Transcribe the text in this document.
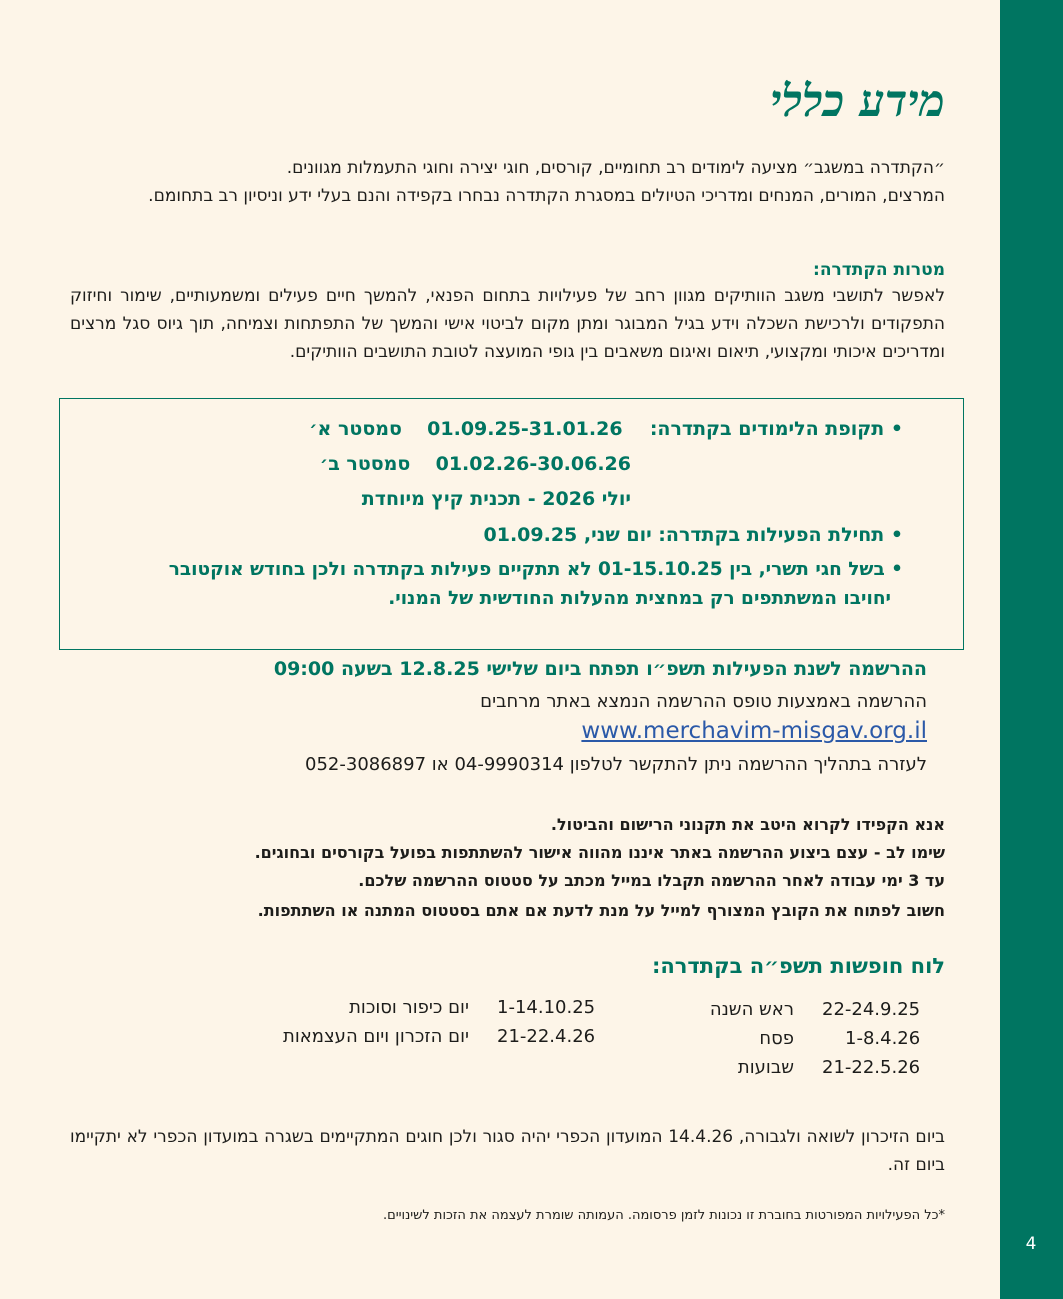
4
מידע כללי
״הקתדרה במשגב״ מציעה לימודים רב תחומיים, קורסים, חוגי יצירה וחוגי התעמלות מגוונים.
המרצים, המורים, המנחים ומדריכי הטיולים במסגרת הקתדרה נבחרו בקפידה והנם בעלי ידע וניסיון רב בתחומם.
מטרות הקתדרה:
לאפשר לתושבי משגב הוותיקים מגוון רחב של פעילויות בתחום הפנאי, להמשך חיים פעילים ומשמעותיים, שימור וחיזוק התפקודים ולרכישת השכלה וידע בגיל המבוגר ומתן מקום לביטוי אישי והמשך של התפתחות וצמיחה, תוך גיוס סגל מרצים ומדריכים איכותי ומקצועי, תיאום ואיגום משאבים בין גופי המועצה לטובת התושבים הוותיקים.
• תקופת הלימודים בקתדרה:  01.09.25-31.01.26  סמסטר א׳
01.02.26-30.06.26  סמסטר ב׳
יולי 2026 - תכנית קיץ מיוחדת
• תחילת הפעילות בקתדרה: יום שני, 01.09.25
• בשל חגי תשרי, בין 01-15.10.25 לא תתקיים פעילות בקתדרה ולכן בחודש אוקטובר
יחויבו המשתתפים רק במחצית מהעלות החודשית של המנוי.
ההרשמה לשנת הפעילות תשפ״ו תפתח ביום שלישי 12.8.25 בשעה 09:00
ההרשמה באמצעות טופס ההרשמה הנמצא באתר מרחבים
www.merchavim-misgav.org.il
לעזרה בתהליך ההרשמה ניתן להתקשר לטלפון 04-9990314 או 052-3086897
אנא הקפידו לקרוא היטב את תקנוני הרישום והביטול.
שימו לב - עצם ביצוע ההרשמה באתר איננו מהווה אישור להשתתפות בפועל בקורסים ובחוגים.
עד 3 ימי עבודה לאחר ההרשמה תקבלו במייל מכתב על סטטוס ההרשמה שלכם.
חשוב לפתוח את הקובץ המצורף למייל על מנת לדעת אם אתם בסטטוס המתנה או השתתפות.
לוח חופשות תשפ״ה בקתדרה:
22-24.9.25
ראש השנה
1-8.4.26
פסח
21-22.5.26
שבועות
1-14.10.25
יום כיפור וסוכות
21-22.4.26
יום הזכרון ויום העצמאות
ביום הזיכרון לשואה ולגבורה, 14.4.26 המועדון הכפרי יהיה סגור ולכן חוגים המתקיימים בשגרה במועדון הכפרי לא יתקיימו ביום זה.
*כל הפעילויות המפורטות בחוברת זו נכונות לזמן פרסומה. העמותה שומרת לעצמה את הזכות לשינויים.
